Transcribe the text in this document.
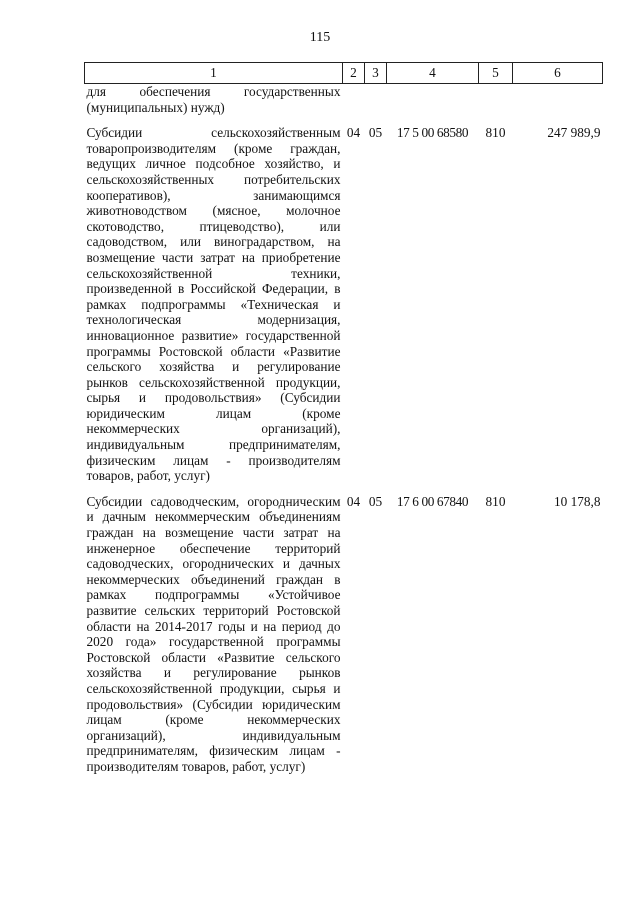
115
1	2	3	4	5	6
для обеспечения государственных (муниципальных) нужд)					

Субсидии сельскохозяйственным товаропроизводителям (кроме граждан, ведущих личное подсобное хозяйство, и сельскохозяйственных потребительских кооперативов), занимающимся животноводством (мясное, молочное скотоводство, птицеводство), или садоводством, или виноградарством, на возмещение части затрат на приобретение сельскохозяйственной техники, произведенной в Российской Федерации, в рамках подпрограммы «Техническая и технологическая модернизация, инновационное развитие» государственной программы Ростовской области «Развитие сельского хозяйства и регулирование рынков сельскохозяйственной продукции, сырья и продовольствия» (Субсидии юридическим лицам (кроме некоммерческих организаций), индивидуальным предпринимателям, физическим лицам - производителям товаров, работ, услуг)	04	05	17 5 00 68580	810	247 989,9

Субсидии садоводческим, огородническим и дачным некоммерческим объединениям граждан на возмещение части затрат на инженерное обеспечение территорий садоводческих, огороднических и дачных некоммерческих объединений граждан в рамках подпрограммы «Устойчивое развитие сельских территорий Ростовской области на 2014-2017 годы и на период до 2020 года» государственной программы Ростовской области «Развитие сельского хозяйства и регулирование рынков сельскохозяйственной продукции, сырья и продовольствия» (Субсидии юридическим лицам (кроме некоммерческих организаций), индивидуальным предпринимателям, физическим лицам - производителям товаров, работ, услуг)	04	05	17 6 00 67840	810	10 178,8
